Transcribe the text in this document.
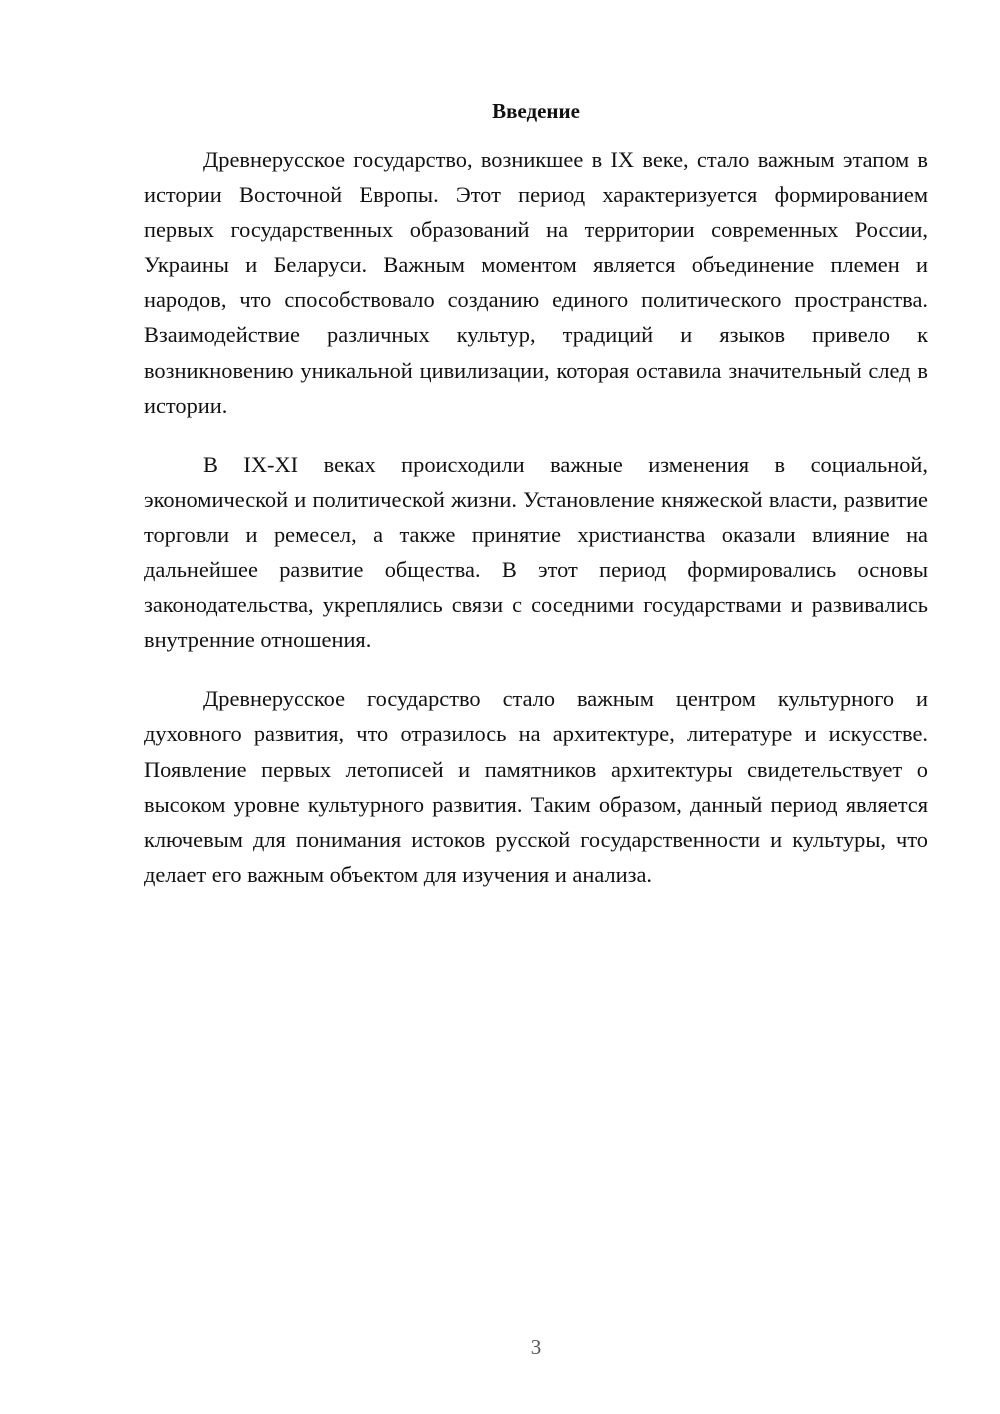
Введение

Древнерусское государство, возникшее в IX веке, стало важным этапом в истории Восточной Европы. Этот период характеризуется формированием первых государственных образований на территории современных России, Украины и Беларуси. Важным моментом является объединение племен и народов, что способствовало созданию единого политического пространства. Взаимодействие различных культур, традиций и языков привело к возникновению уникальной цивилизации, которая оставила значительный след в истории.

В IX-XI веках происходили важные изменения в социальной, экономической и политической жизни. Установление княжеской власти, развитие торговли и ремесел, а также принятие христианства оказали влияние на дальнейшее развитие общества. В этот период формировались основы законодательства, укреплялись связи с соседними государствами и развивались внутренние отношения.

Древнерусское государство стало важным центром культурного и духовного развития, что отразилось на архитектуре, литературе и искусстве. Появление первых летописей и памятников архитектуры свидетельствует о высоком уровне культурного развития. Таким образом, данный период является ключевым для понимания истоков русской государственности и культуры, что делает его важным объектом для изучения и анализа.

3
